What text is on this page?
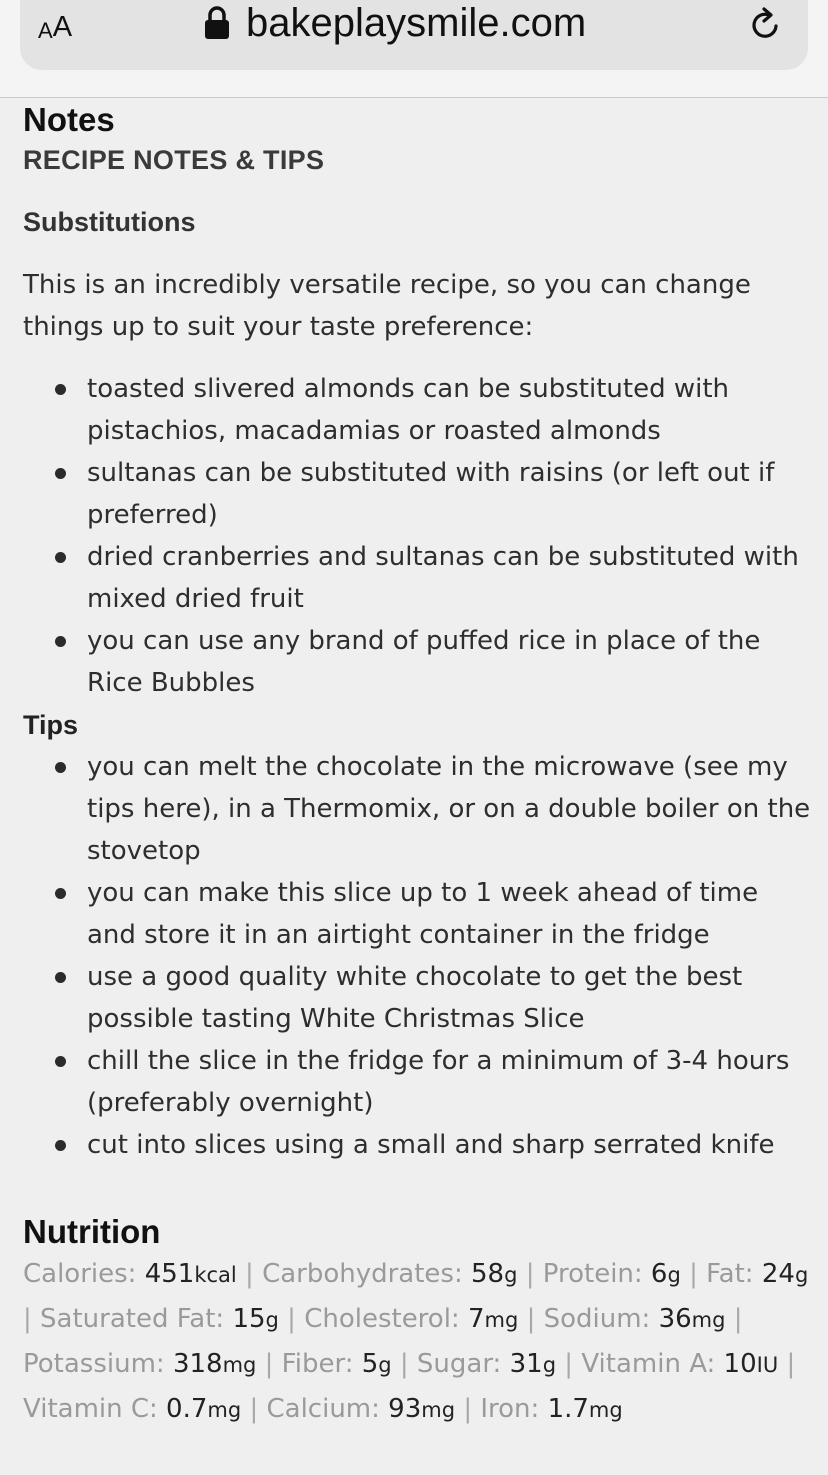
A A	bakeplaysmile.com
Notes
RECIPE NOTES & TIPS
Substitutions

This is an incredibly versatile recipe, so you can change things up to suit your taste preference:

toasted slivered almonds can be substituted with pistachios, macadamias or roasted almonds
sultanas can be substituted with raisins (or left out if preferred)
dried cranberries and sultanas can be substituted with mixed dried fruit
you can use any brand of puffed rice in place of the Rice Bubbles
Tips
you can melt the chocolate in the microwave (see my tips here), in a Thermomix, or on a double boiler on the stovetop
you can make this slice up to 1 week ahead of time and store it in an airtight container in the fridge
use a good quality white chocolate to get the best possible tasting White Christmas Slice
chill the slice in the fridge for a minimum of 3-4 hours (preferably overnight)
cut into slices using a small and sharp serrated knife
Nutrition

Calories: 451kcal | Carbohydrates: 58g | Protein: 6g | Fat: 24g | Saturated Fat: 15g | Cholesterol: 7mg | Sodium: 36mg | Potassium: 318mg | Fiber: 5g | Sugar: 31g | Vitamin A: 10IU | Vitamin C: 0.7mg | Calcium: 93mg | Iron: 1.7mg
